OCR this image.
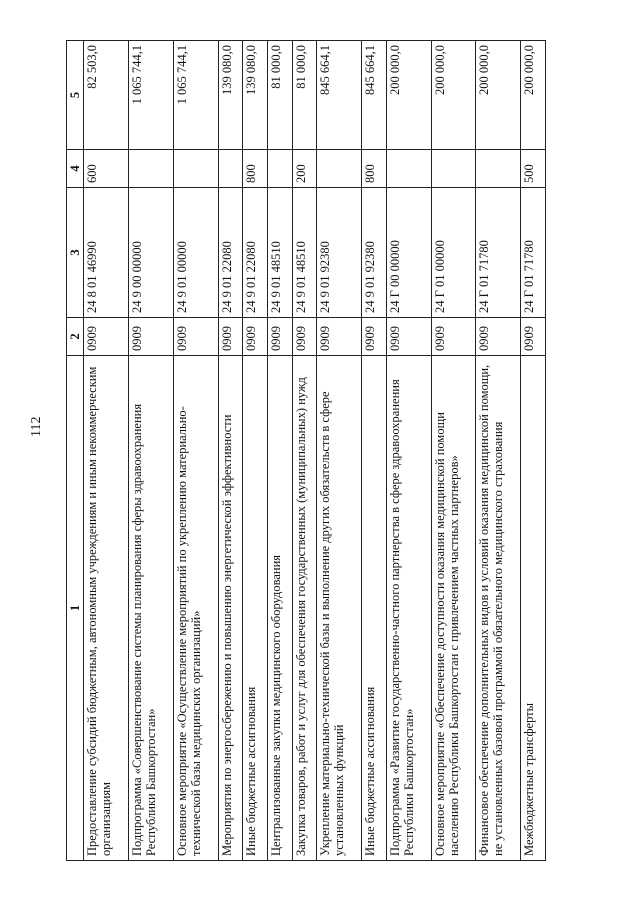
112
1	2	3	4	5
Предоставление субсидий бюджетным, автономным учреждениям и иным некоммерческим организациям	0909	24 8 01 46990	600	82 503,0
Подпрограмма «Совершенствование системы планирования сферы здравоохранения Республики Башкортостан»	0909	24 9 00 00000		1 065 744,1
Основное мероприятие «Осуществление мероприятий по укреплению материально-технической базы медицинских организаций»	0909	24 9 01 00000		1 065 744,1
Мероприятия по энергосбережению и повышению энергетической эффективности	0909	24 9 01 22080		139 080,0
Иные бюджетные ассигнования	0909	24 9 01 22080	800	139 080,0
Централизованные закупки медицинского оборудования	0909	24 9 01 48510		81 000,0
Закупка товаров, работ и услуг для обеспечения государственных (муниципальных) нужд	0909	24 9 01 48510	200	81 000,0
Укрепление материально-технической базы и выполнение других обязательств в сфере установленных функций	0909	24 9 01 92380		845 664,1
Иные бюджетные ассигнования	0909	24 9 01 92380	800	845 664,1
Подпрограмма «Развитие государственно-частного партнерства в сфере здравоохранения Республики Башкортостан»	0909	24 Г 00 00000		200 000,0
Основное мероприятие «Обеспечение доступности оказания медицинской помощи населению Республики Башкортостан с привлечением частных партнеров»	0909	24 Г 01 00000		200 000,0
Финансовое обеспечение дополнительных видов и условий оказания медицинской помощи, не установленных базовой программой обязательного медицинского страхования	0909	24 Г 01 71780		200 000,0
Межбюджетные трансферты	0909	24 Г 01 71780	500	200 000,0
